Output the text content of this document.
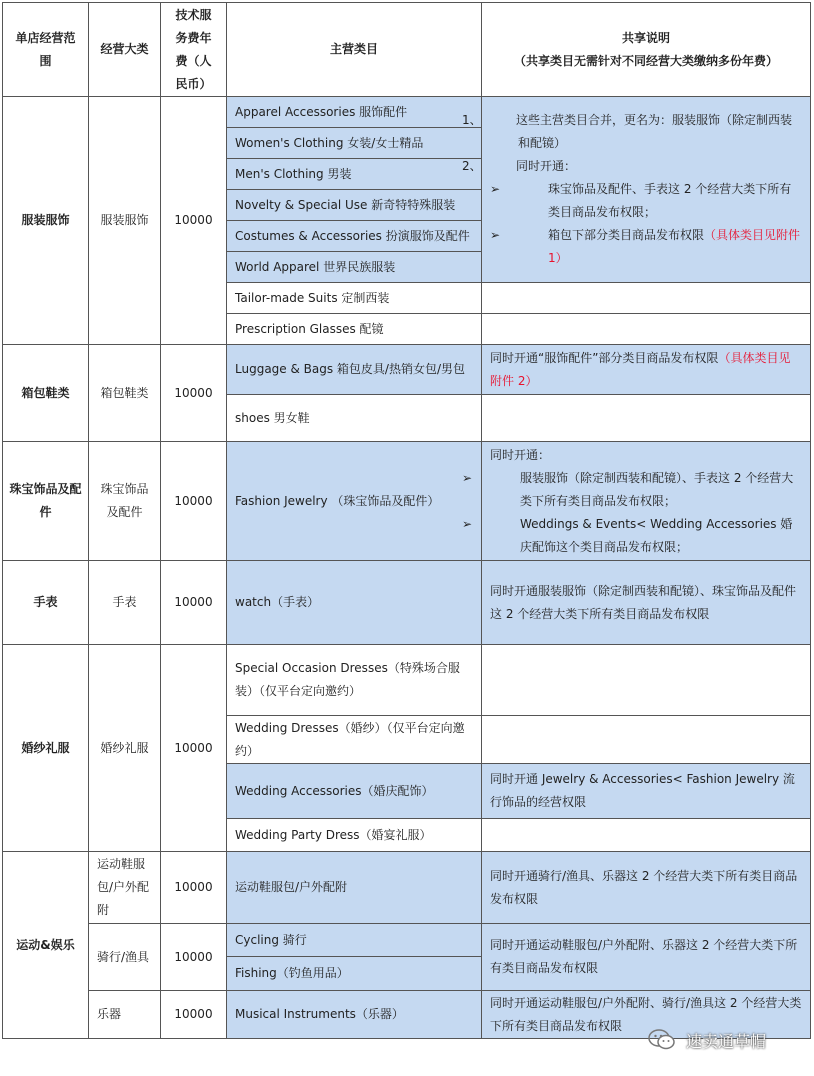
单店经营范围	经营大类	技术服务费年费（人民币）	主营类目	共享说明
（共享类目无需针对不同经营大类缴纳多份年费）

服装服饰	服装服饰	10000	Apparel Accessories 服饰配件	1、 这些主营类目合并，更名为：服装服饰（除定制西装和配镜）
2、 同时开通：
➢ 珠宝饰品及配件、手表这 2 个经营大类下所有类目商品发布权限；
➢ 箱包下部分类目商品发布权限（具体类目见附件 1）

			Women's Clothing 女装/女士精品	
			Men's Clothing 男装	
			Novelty & Special Use 新奇特特殊服装	
			Costumes & Accessories 扮演服饰及配件	
			World Apparel 世界民族服装	
			Tailor-made Suits 定制西装	
			Prescription Glasses 配镜	
箱包鞋类	箱包鞋类	10000	Luggage & Bags 箱包皮具/热销女包/男包	同时开通“服饰配件”部分类目商品发布权限（具体类目见附件 2）
			shoes 男女鞋	
珠宝饰品及配件	珠宝饰品及配件	10000	Fashion Jewelry （珠宝饰品及配件）	同时开通：
➢ 服装服饰（除定制西装和配镜）、手表这 2 个经营大类下所有类目商品发布权限；
➢ Weddings & Events< Wedding Accessories 婚庆配饰这个类目商品发布权限；

手表	手表	10000	watch（手表）	同时开通服装服饰（除定制西装和配镜）、珠宝饰品及配件这 2 个经营大类下所有类目商品发布权限
婚纱礼服	婚纱礼服	10000	Special Occasion Dresses（特殊场合服装）（仅平台定向邀约）	
			Wedding Dresses（婚纱）（仅平台定向邀约）	
			Wedding Accessories（婚庆配饰）	同时开通 Jewelry & Accessories< Fashion Jewelry 流行饰品的经营权限
			Wedding Party Dress（婚宴礼服）	
运动&娱乐	运动鞋服包/户外配附	10000	运动鞋服包/户外配附	同时开通骑行/渔具、乐器这 2 个经营大类下所有类目商品发布权限
	骑行/渔具	10000	Cycling 骑行	同时开通运动鞋服包/户外配附、乐器这 2 个经营大类下所有类目商品发布权限
			Fishing（钓鱼用品）	
	乐器	10000	Musical Instruments（乐器）	同时开通运动鞋服包/户外配附、骑行/渔具这 2 个经营大类下所有类目商品发布权限
速卖通草帽
